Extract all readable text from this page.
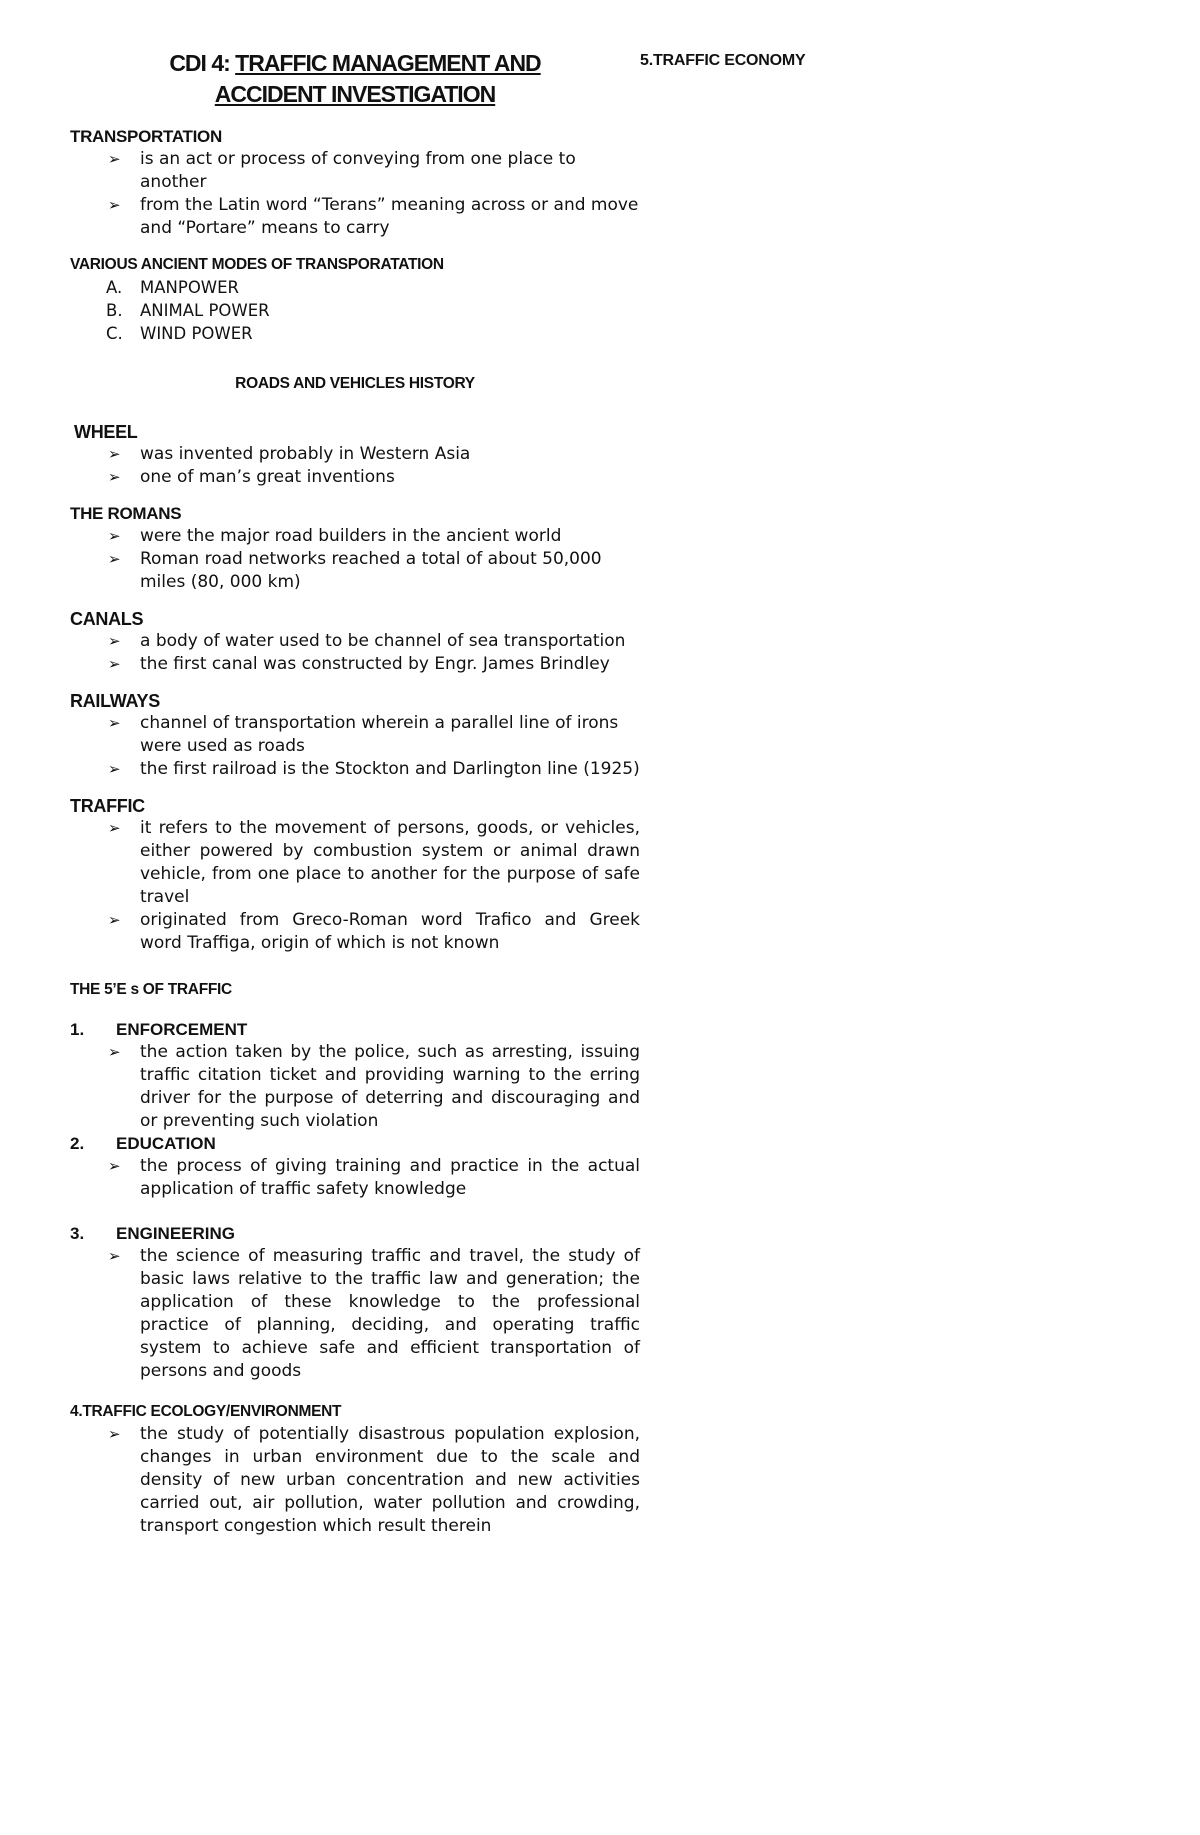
CDI 4: TRAFFIC MANAGEMENT AND
ACCIDENT INVESTIGATION

TRANSPORTATION

➢ is an act or process of conveying from one place to another
➢ from the Latin word “Terans” meaning across or and move and “Portare” means to carry

VARIOUS ANCIENT MODES OF TRANSPORATATION

A. MANPOWER
B. ANIMAL POWER
C. WIND POWER

ROADS AND VEHICLES HISTORY

WHEEL

➢ was invented probably in Western Asia
➢ one of man’s great inventions

THE ROMANS

➢ were the major road builders in the ancient world
➢ Roman road networks reached a total of about 50,000 miles (80, 000 km)

CANALS

➢ a body of water used to be channel of sea transportation
➢ the first canal was constructed by Engr. James Brindley

RAILWAYS

➢ channel of transportation wherein a parallel line of irons were used as roads
➢ the first railroad is the Stockton and Darlington line (1925)

TRAFFIC

➢ it refers to the movement of persons, goods, or vehicles, either powered by combustion system or animal drawn vehicle, from one place to another for the purpose of safe travel
➢ originated from Greco-Roman word Trafico and Greek word Traffiga, origin of which is not known

THE 5’E s OF TRAFFIC

1. ENFORCEMENT

➢ the action taken by the police, such as arresting, issuing traffic citation ticket and providing warning to the erring driver for the purpose of deterring and discouraging and or preventing such violation

2. EDUCATION

➢ the process of giving training and practice in the actual application of traffic safety knowledge

3. ENGINEERING

➢ the science of measuring traffic and travel, the study of basic laws relative to the traffic law and generation; the application of these knowledge to the professional practice of planning, deciding, and operating traffic system to achieve safe and efficient transportation of persons and goods

4.TRAFFIC ECOLOGY/ENVIRONMENT

➢ the study of potentially disastrous population explosion, changes in urban environment due to the scale and density of new urban concentration and new activities carried out, air pollution, water pollution and crowding, transport congestion which result therein
5.TRAFFIC ECONOMY
